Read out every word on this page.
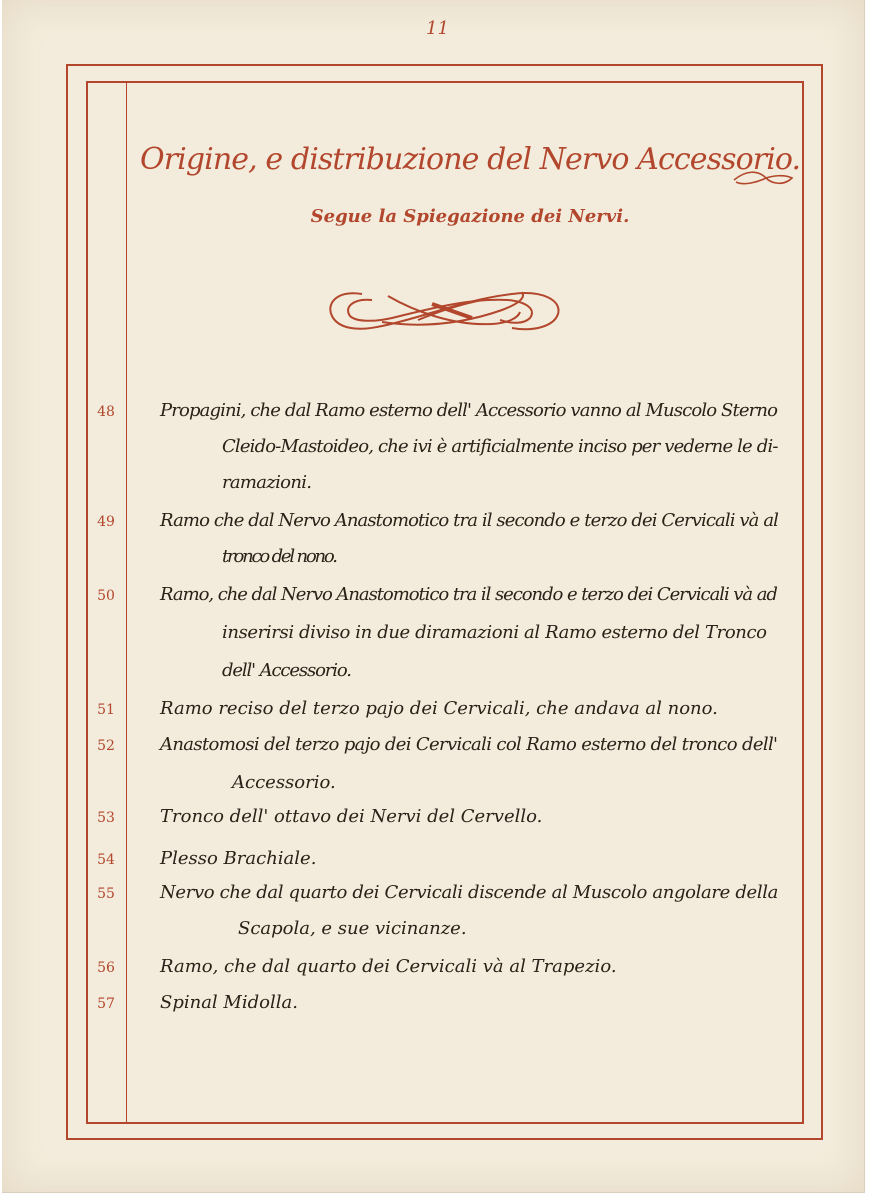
11
Origine, e distribuzione del Nervo Accessorio.
Segue la Spiegazione dei Nervi.
48	Propagini, che dal Ramo esterno dell' Accessorio vanno al Muscolo Sterno
Cleido-Mastoideo, che ivi è artificialmente inciso per vederne le di-
ramazioni.
49	Ramo che dal Nervo Anastomotico tra il secondo e terzo dei Cervicali và al
tronco del nono.
50	Ramo, che dal Nervo Anastomotico tra il secondo e terzo dei Cervicali và ad
inserirsi diviso in due diramazioni al Ramo esterno del Tronco
dell' Accessorio.
51	Ramo reciso del terzo pajo dei Cervicali, che andava al nono.
52	Anastomosi del terzo pajo dei Cervicali col Ramo esterno del tronco dell'
Accessorio.
53	Tronco dell' ottavo dei Nervi del Cervello.
54	Plesso Brachiale.
55	Nervo che dal quarto dei Cervicali discende al Muscolo angolare della
Scapola, e sue vicinanze.
56	Ramo, che dal quarto dei Cervicali và al Trapezio.
57	Spinal Midolla.
